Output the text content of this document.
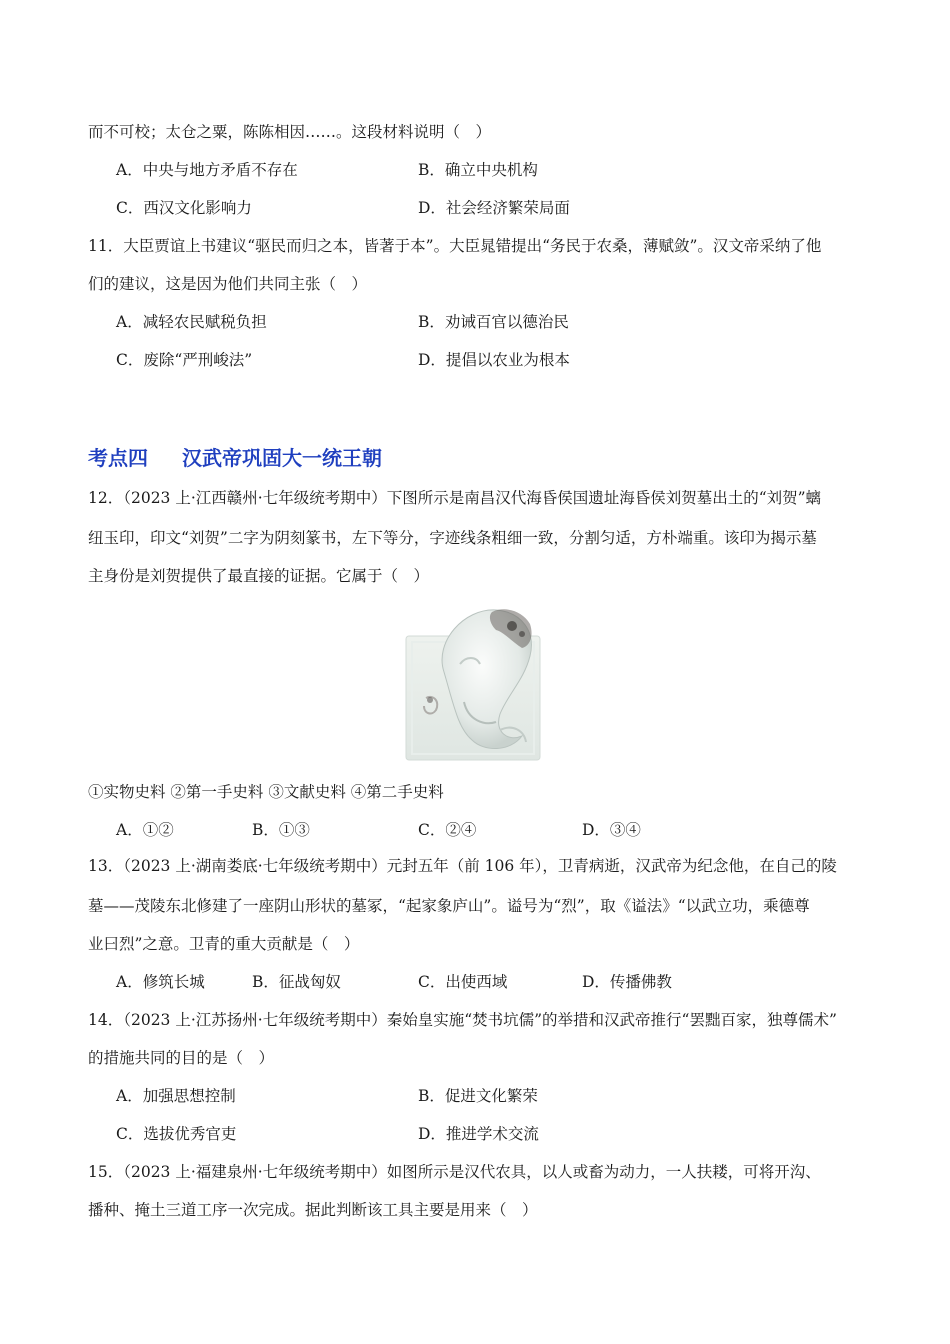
而不可校；太仓之粟，陈陈相因……。这段材料说明（　）
A．中央与地方矛盾不存在	B．确立中央机构
C．西汉文化影响力	D．社会经济繁荣局面
11．大臣贾谊上书建议“驱民而归之本，皆著于本”。大臣晁错提出“务民于农桑，薄赋敛”。汉文帝采纳了他
们的建议，这是因为他们共同主张（　）
A．减轻农民赋税负担	B．劝诫百官以德治民
C．废除“严刑峻法”	D．提倡以农业为根本
考点四 汉武帝巩固大一统王朝
12．（2023 上·江西赣州·七年级统考期中）下图所示是南昌汉代海昏侯国遗址海昏侯刘贺墓出土的“刘贺”螭
纽玉印，印文“刘贺”二字为阴刻篆书，左下等分，字迹线条粗细一致，分割匀适，方朴端重。该印为揭示墓
主身份是刘贺提供了最直接的证据。它属于（　）
①实物史料 ②第一手史料 ③文献史料 ④第二手史料
A．①②	B．①③	C．②④	D．③④
13．（2023 上·湖南娄底·七年级统考期中）元封五年（前 106 年），卫青病逝，汉武帝为纪念他，在自己的陵
墓——茂陵东北修建了一座阴山形状的墓冢，“起家象庐山”。谥号为“烈”，取《谥法》“以武立功，乘德尊
业曰烈”之意。卫青的重大贡献是（　）
A．修筑长城	B．征战匈奴	C．出使西域	D．传播佛教
14．（2023 上·江苏扬州·七年级统考期中）秦始皇实施“焚书坑儒”的举措和汉武帝推行“罢黜百家，独尊儒术”
的措施共同的目的是（　）
A．加强思想控制	B．促进文化繁荣
C．选拔优秀官吏	D．推进学术交流
15．（2023 上·福建泉州·七年级统考期中）如图所示是汉代农具，以人或畜为动力，一人扶耧，可将开沟、
播种、掩土三道工序一次完成。据此判断该工具主要是用来（　）
